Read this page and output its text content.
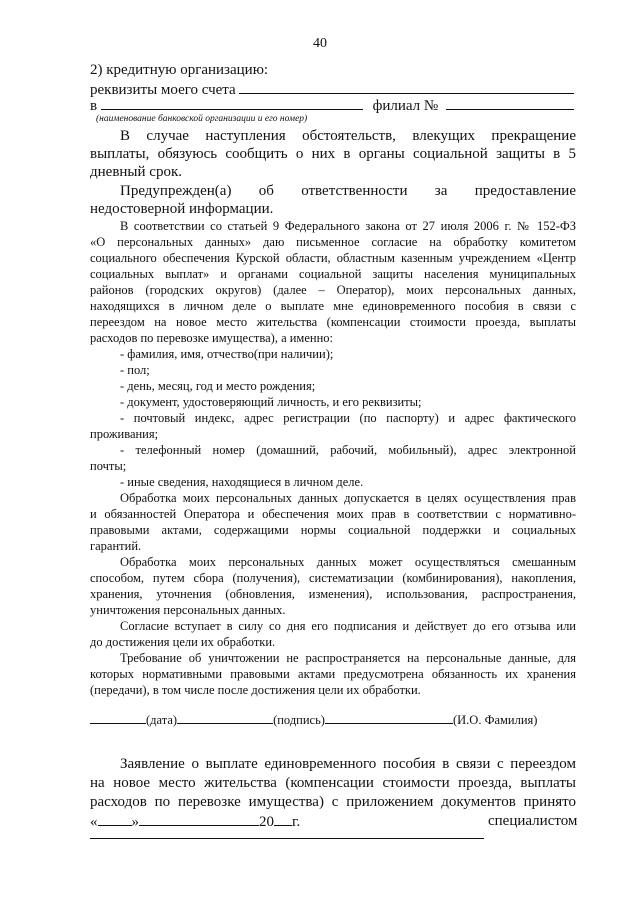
40
2) кредитную организацию:
реквизиты моего счета
в	филиал №
(наименование банковской организации и его номер)
В случае наступления обстоятельств, влекущих прекращение
выплаты, обязуюсь сообщить о них в органы социальной защиты в 5
дневный срок.
Предупрежден(а) об ответственности за предоставление
недостоверной информации.
В соответствии со статьей 9 Федерального закона от 27 июля 2006 г. № 152-ФЗ
«О персональных данных» даю письменное согласие на обработку комитетом
социального обеспечения Курской области, областным казенным учреждением «Центр
социальных выплат» и органами социальной защиты населения муниципальных
районов (городских округов) (далее – Оператор), моих персональных данных,
находящихся в личном деле о выплате мне единовременного пособия в связи с
переездом на новое место жительства (компенсации стоимости проезда, выплаты
расходов по перевозке имущества), а именно:
- фамилия, имя, отчество(при наличии);
- пол;
- день, месяц, год и место рождения;
- документ, удостоверяющий личность, и его реквизиты;
- почтовый индекс, адрес регистрации (по паспорту) и адрес фактического
проживания;
- телефонный номер (домашний, рабочий, мобильный), адрес электронной
почты;
- иные сведения, находящиеся в личном деле.
Обработка моих персональных данных допускается в целях осуществления прав
и обязанностей Оператора и обеспечения моих прав в соответствии с нормативно-
правовыми актами, содержащими нормы социальной поддержки и социальных
гарантий.
Обработка моих персональных данных может осуществляться смешанным
способом, путем сбора (получения), систематизации (комбинирования), накопления,
хранения, уточнения (обновления, изменения), использования, распространения,
уничтожения персональных данных.
Согласие вступает в силу со дня его подписания и действует до его отзыва или
до достижения цели их обработки.
Требование об уничтожении не распространяется на персональные данные, для
которых нормативными правовыми актами предусмотрена обязанность их хранения
(передачи), в том числе после достижения цели их обработки.
(дата)	(подпись)	(И.О. Фамилия)
Заявление о выплате единовременного пособия в связи с переездом
на новое место жительства (компенсации стоимости проезда, выплаты
расходов по перевозке имущества) с приложением документов принято
« »	20 г.	специалистом
